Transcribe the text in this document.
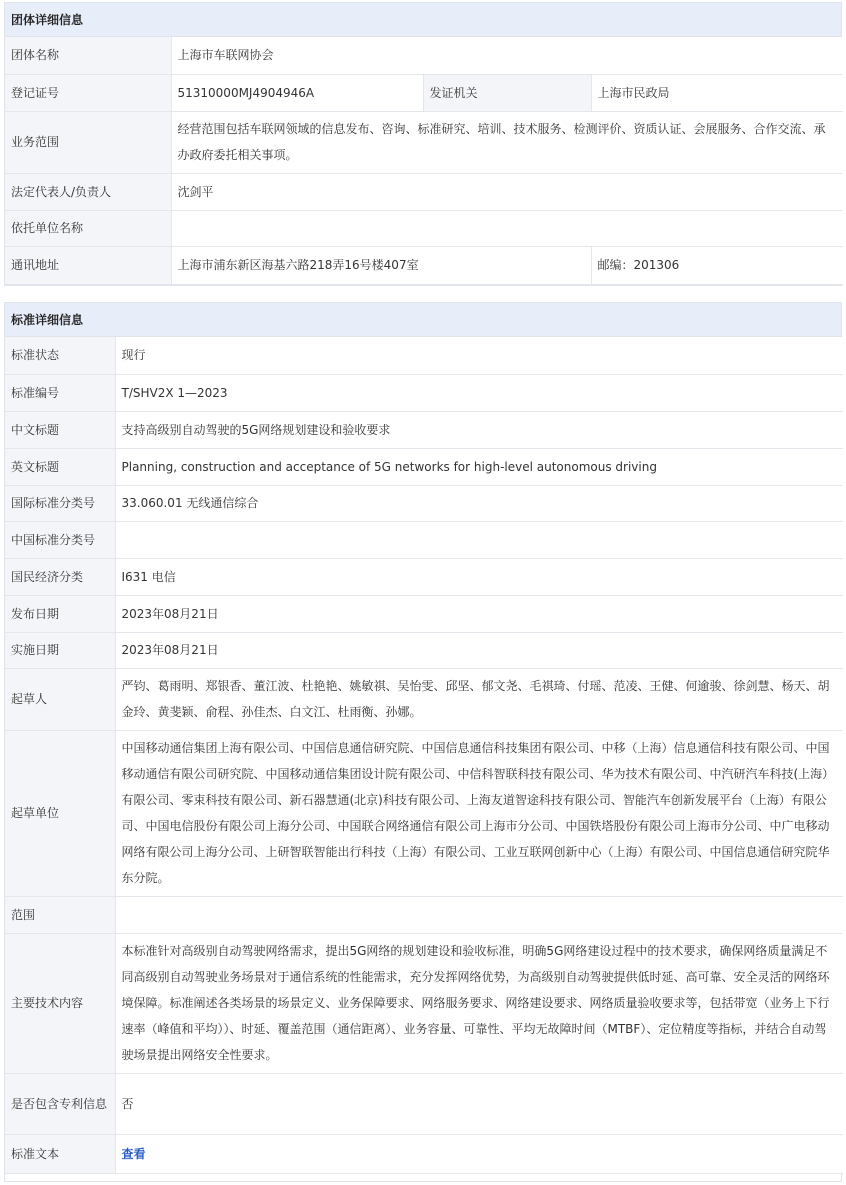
团体详细信息
团体名称	上海市车联网协会		
登记证号	51310000MJ4904946A	发证机关	上海市民政局
业务范围	经营范围包括车联网领域的信息发布、咨询、标准研究、培训、技术服务、检测评价、资质认证、会展服务、合作交流、承办政府委托相关事项。		
法定代表人/负责人	沈剑平		
依托单位名称			
通讯地址	上海市浦东新区海基六路218弄16号楼407室		邮编：201306
标准详细信息
标准状态	现行
标准编号	T/SHV2X 1—2023
中文标题	支持高级别自动驾驶的5G网络规划建设和验收要求
英文标题	Planning, construction and acceptance of 5G networks for high-level autonomous driving
国际标准分类号	33.060.01 无线通信综合
中国标准分类号	
国民经济分类	I631 电信
发布日期	2023年08月21日
实施日期	2023年08月21日
起草人	严钧、葛雨明、郑银香、董江波、杜艳艳、姚敏祺、吴怡雯、邱坚、郁文尧、毛祺琦、付瑶、范凌、王健、何逾骏、徐剑慧、杨天、胡金玲、黄斐颖、俞程、孙佳杰、白文江、杜雨衡、孙娜。
起草单位	中国移动通信集团上海有限公司、中国信息通信研究院、中国信息通信科技集团有限公司、中移（上海）信息通信科技有限公司、中国移动通信有限公司研究院、中国移动通信集团设计院有限公司、中信科智联科技有限公司、华为技术有限公司、中汽研汽车科技(上海）有限公司、零束科技有限公司、新石器慧通(北京)科技有限公司、上海友道智途科技有限公司、智能汽车创新发展平台（上海）有限公司、中国电信股份有限公司上海分公司、中国联合网络通信有限公司上海市分公司、中国铁塔股份有限公司上海市分公司、中广电移动网络有限公司上海分公司、上研智联智能出行科技（上海）有限公司、工业互联网创新中心（上海）有限公司、中国信息通信研究院华东分院。
范围	
主要技术内容	本标准针对高级别自动驾驶网络需求，提出5G网络的规划建设和验收标准，明确5G网络建设过程中的技术要求，确保网络质量满足不同高级别自动驾驶业务场景对于通信系统的性能需求，充分发挥网络优势，为高级别自动驾驶提供低时延、高可靠、安全灵活的网络环境保障。标准阐述各类场景的场景定义、业务保障要求、网络服务要求、网络建设要求、网络质量验收要求等，包括带宽（业务上下行速率（峰值和平均））、时延、覆盖范围（通信距离）、业务容量、可靠性、平均无故障时间（MTBF）、定位精度等指标，并结合自动驾驶场景提出网络安全性要求。
是否包含专利信息	否
标准文本	查看
